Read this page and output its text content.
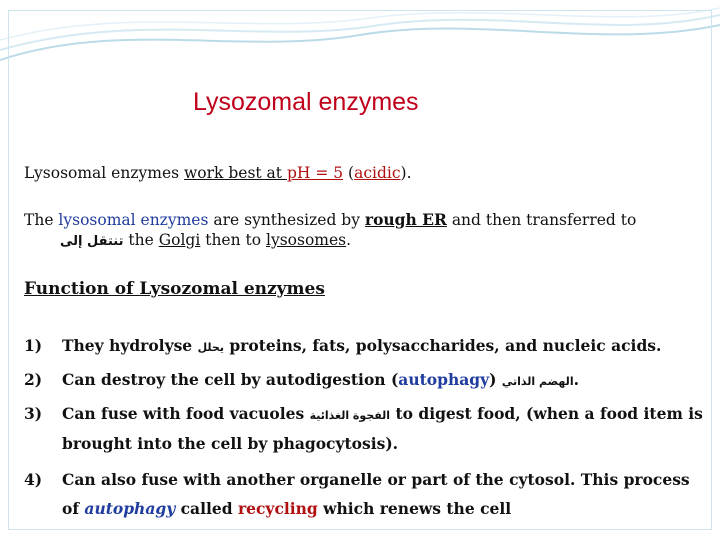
Lysozomal enzymes
Lysosomal enzymes work best at pH = 5 (acidic).
The lysosomal enzymes are synthesized by rough ER and then transferred to
تنتقل إلى the Golgi then to lysosomes.
Function of Lysozomal enzymes
1) They hydrolyse يحلل proteins, fats, polysaccharides, and nucleic acids.
2) Can destroy the cell by autodigestion (autophagy) الهضم الذاتي.
3) Can fuse with food vacuoles الفجوة الغذائية to digest food, (when a food item is
brought into the cell by phagocytosis).
4) Can also fuse with another organelle or part of the cytosol. This process
of autophagy called recycling which renews the cell
